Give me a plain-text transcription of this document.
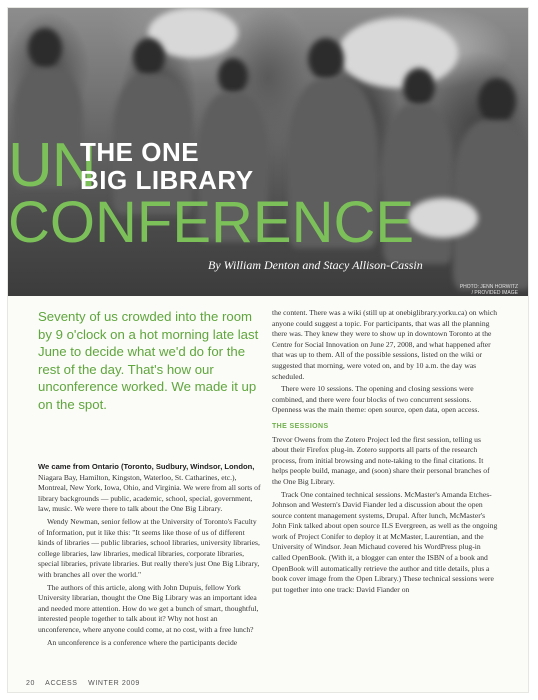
UN
THE ONE
BIG LIBRARY
CONFERENCE
By William Denton and Stacy Allison-Cassin
PHOTO: JENN HORWITZ / PROVIDED IMAGE
Seventy of us crowded into the room by 9 o'clock on a hot morning late last June to decide what we'd do for the rest of the day. That's how our unconference worked. We made it up on the spot.

the content. There was a wiki (still up at onebiglibrary.yorku.ca) on which anyone could suggest a topic. For participants, that was all the planning there was. They knew they were to show up in downtown Toronto at the Centre for Social Innovation on June 27, 2008, and what happened after that was up to them. All of the possible sessions, listed on the wiki or suggested that morning, were voted on, and by 10 a.m. the day was scheduled.

There were 10 sessions. The opening and closing sessions were combined, and there were four blocks of two concurrent sessions. Openness was the main theme: open source, open data, open access.

THE SESSIONS

Trevor Owens from the Zotero Project led the first session, telling us about their Firefox plug-in. Zotero supports all parts of the research process, from initial browsing and note-taking to the final citations. It helps people build, manage, and (soon) share their personal branches of the One Big Library.

Track One contained technical sessions. McMaster's Amanda Etches-Johnson and Western's David Fiander led a discussion about the open source content management systems, Drupal. After lunch, McMaster's John Fink talked about open source ILS Evergreen, as well as the ongoing work of Project Conifer to deploy it at McMaster, Laurentian, and the University of Windsor. Jean Michaud covered his WordPress plug-in called OpenBook. (With it, a blogger can enter the ISBN of a book and OpenBook will automatically retrieve the author and title details, plus a book cover image from the Open Library.) These technical sessions were put together into one track: David Fiander on

We came from Ontario (Toronto, Sudbury, Windsor, London, Niagara Bay, Hamilton, Kingston, Waterloo, St. Catharines, etc.), Montreal, New York, Iowa, Ohio, and Virginia. We were from all sorts of library backgrounds — public, academic, school, special, government, law, music. We were there to talk about the One Big Library.

Wendy Newman, senior fellow at the University of Toronto's Faculty of Information, put it like this: "It seems like those of us of different kinds of libraries — public libraries, school libraries, university libraries, college libraries, law libraries, medical libraries, corporate libraries, special libraries, private libraries. But really there's just One Big Library, with branches all over the world."

The authors of this article, along with John Dupuis, fellow York University librarian, thought the One Big Library was an important idea and needed more attention. How do we get a bunch of smart, thoughtful, interested people together to talk about it? Why not host an unconference, where anyone could come, at no cost, with a free lunch?

An unconference is a conference where the participants decide

20 ACCESS WINTER 2009
